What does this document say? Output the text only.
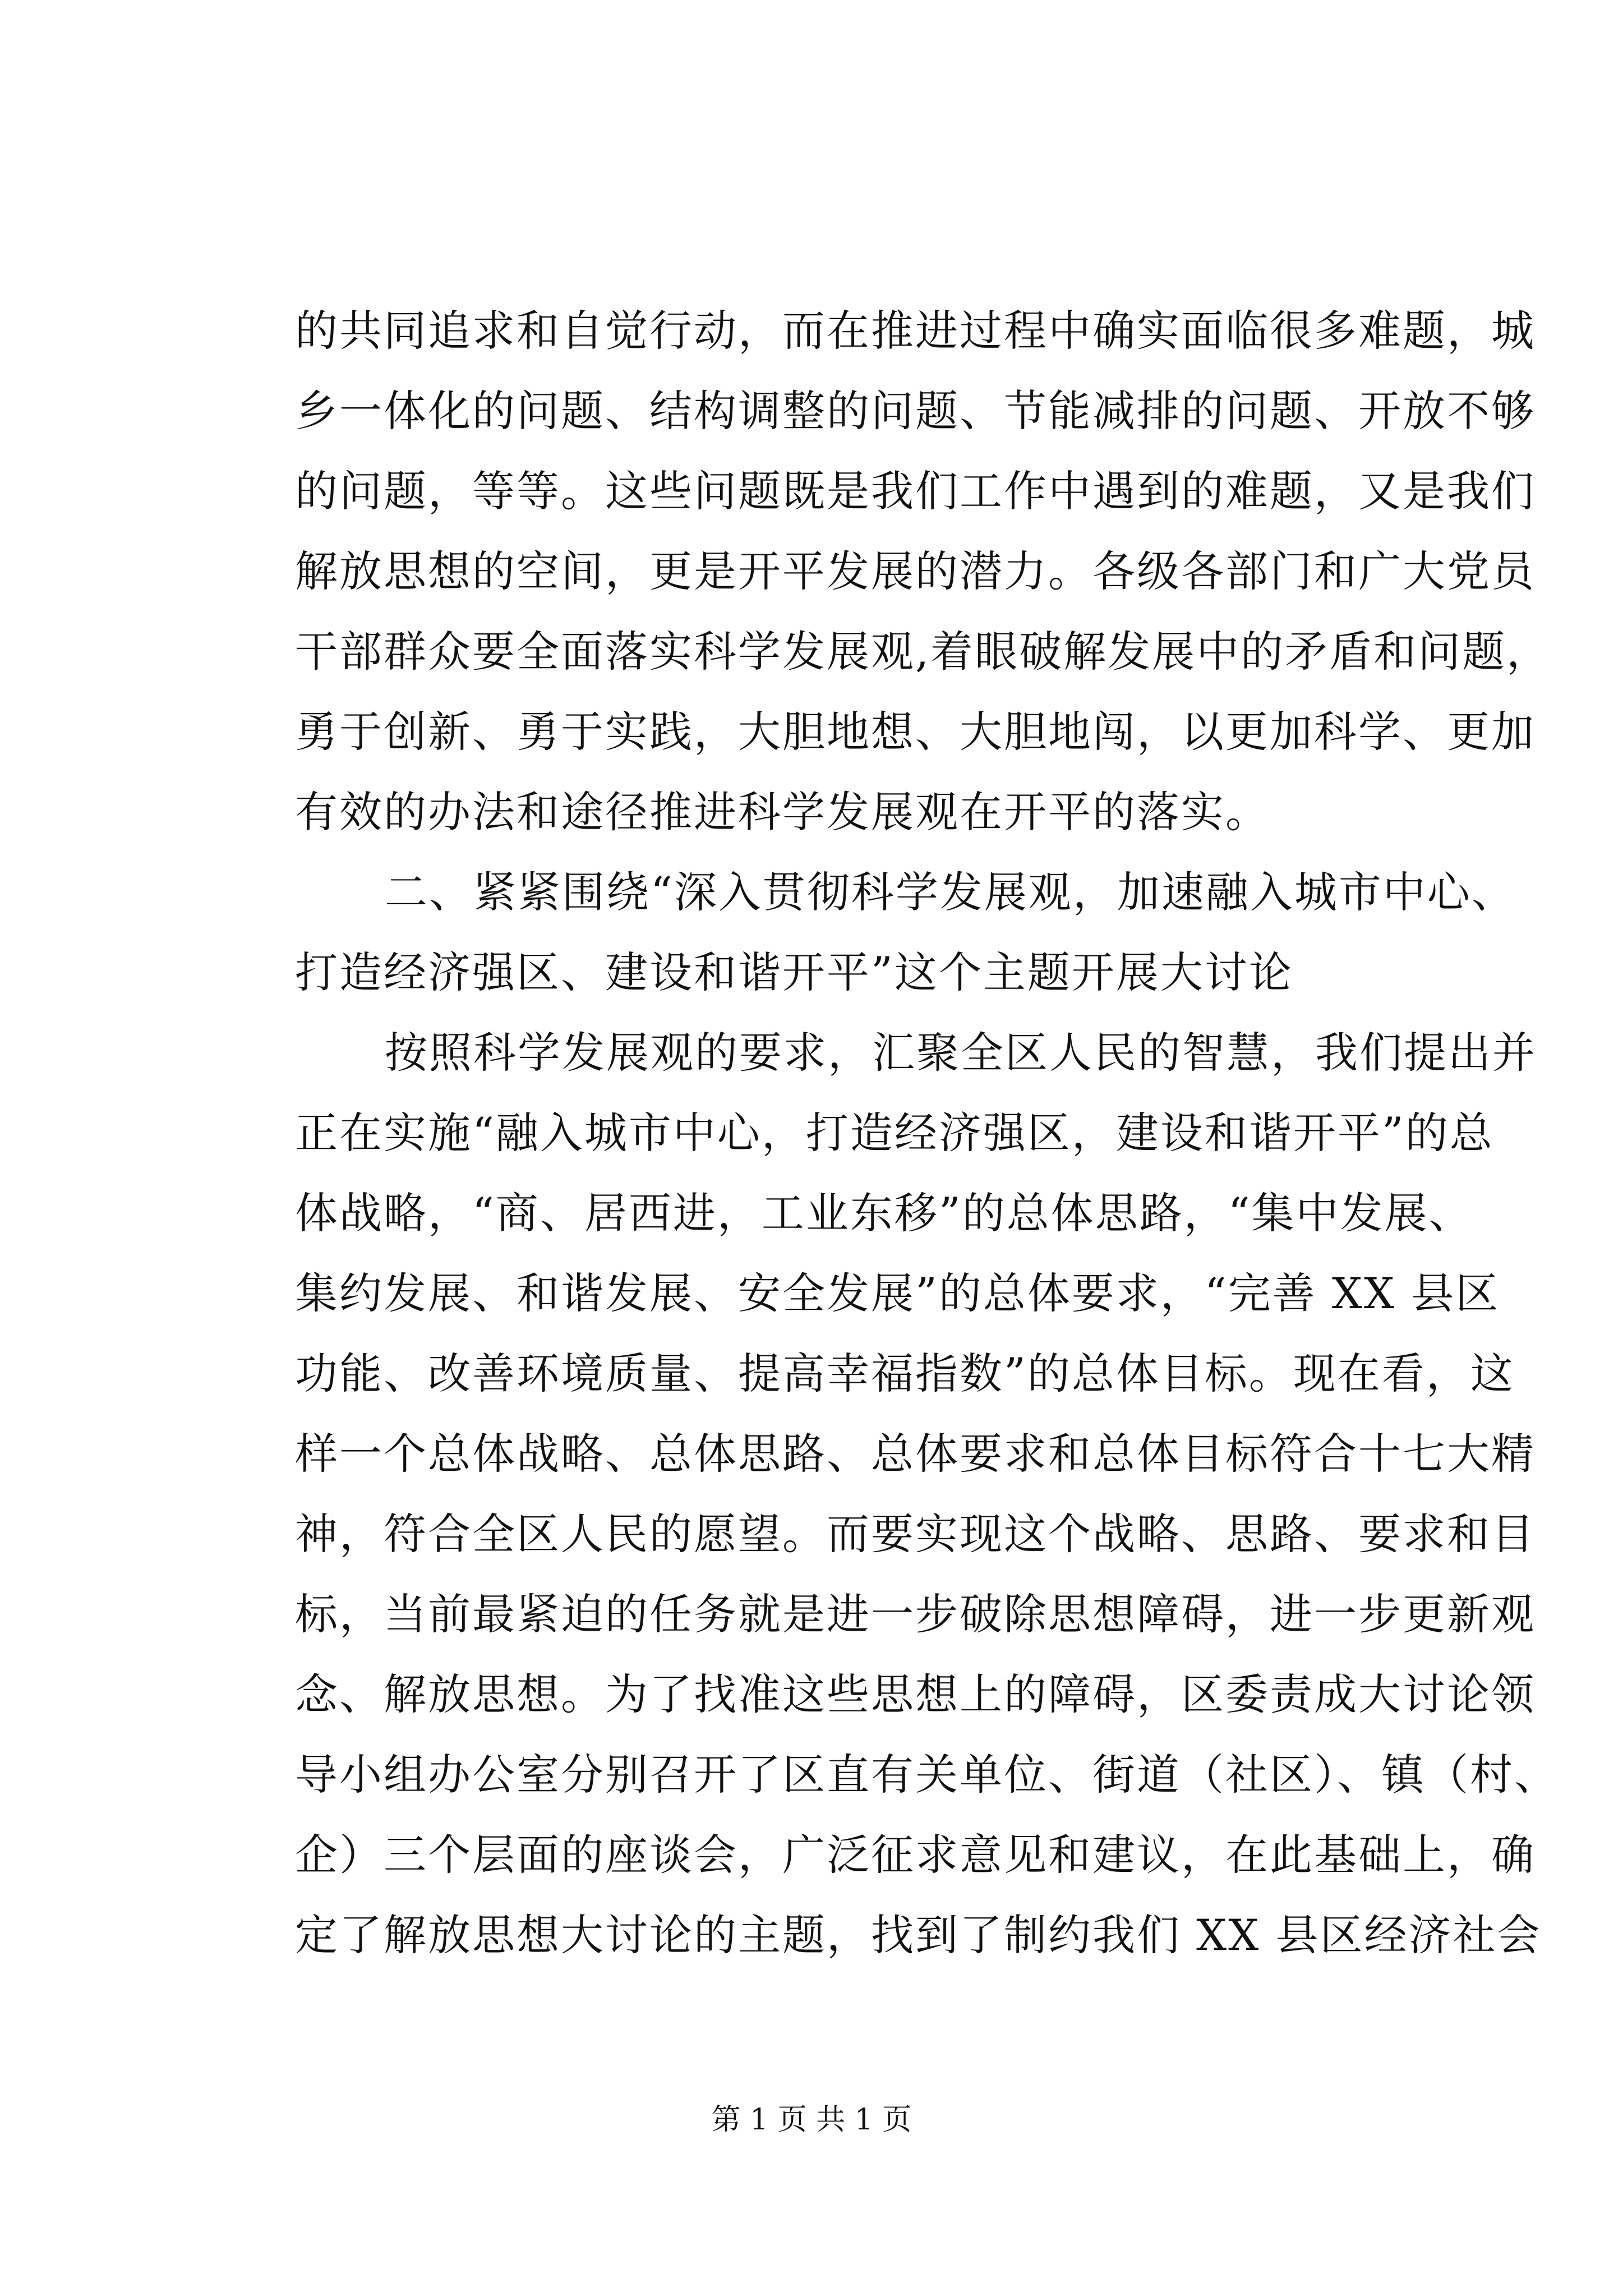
的共同追求和自觉行动，而在推进过程中确实面临很多难题，城
乡一体化的问题、结构调整的问题、节能减排的问题、开放不够
的问题，等等。这些问题既是我们工作中遇到的难题，又是我们
解放思想的空间，更是开平发展的潜力。各级各部门和广大党员
干部群众要全面落实科学发展观,着眼破解发展中的矛盾和问题，
勇于创新、勇于实践，大胆地想、大胆地闯，以更加科学、更加
有效的办法和途径推进科学发展观在开平的落实。
二、紧紧围绕“深入贯彻科学发展观，加速融入城市中心、
打造经济强区、建设和谐开平”这个主题开展大讨论
按照科学发展观的要求，汇聚全区人民的智慧，我们提出并
正在实施“融入城市中心，打造经济强区，建设和谐开平”的总
体战略，“商、居西进，工业东移”的总体思路，“集中发展、
集约发展、和谐发展、安全发展”的总体要求，“完善 XX 县区
功能、改善环境质量、提高幸福指数”的总体目标。现在看，这
样一个总体战略、总体思路、总体要求和总体目标符合十七大精
神，符合全区人民的愿望。而要实现这个战略、思路、要求和目
标，当前最紧迫的任务就是进一步破除思想障碍，进一步更新观
念、解放思想。为了找准这些思想上的障碍，区委责成大讨论领
导小组办公室分别召开了区直有关单位、街道（社区）、镇（村、
企）三个层面的座谈会，广泛征求意见和建议，在此基础上，确
定了解放思想大讨论的主题，找到了制约我们 XX 县区经济社会
第 1 页 共 1 页
